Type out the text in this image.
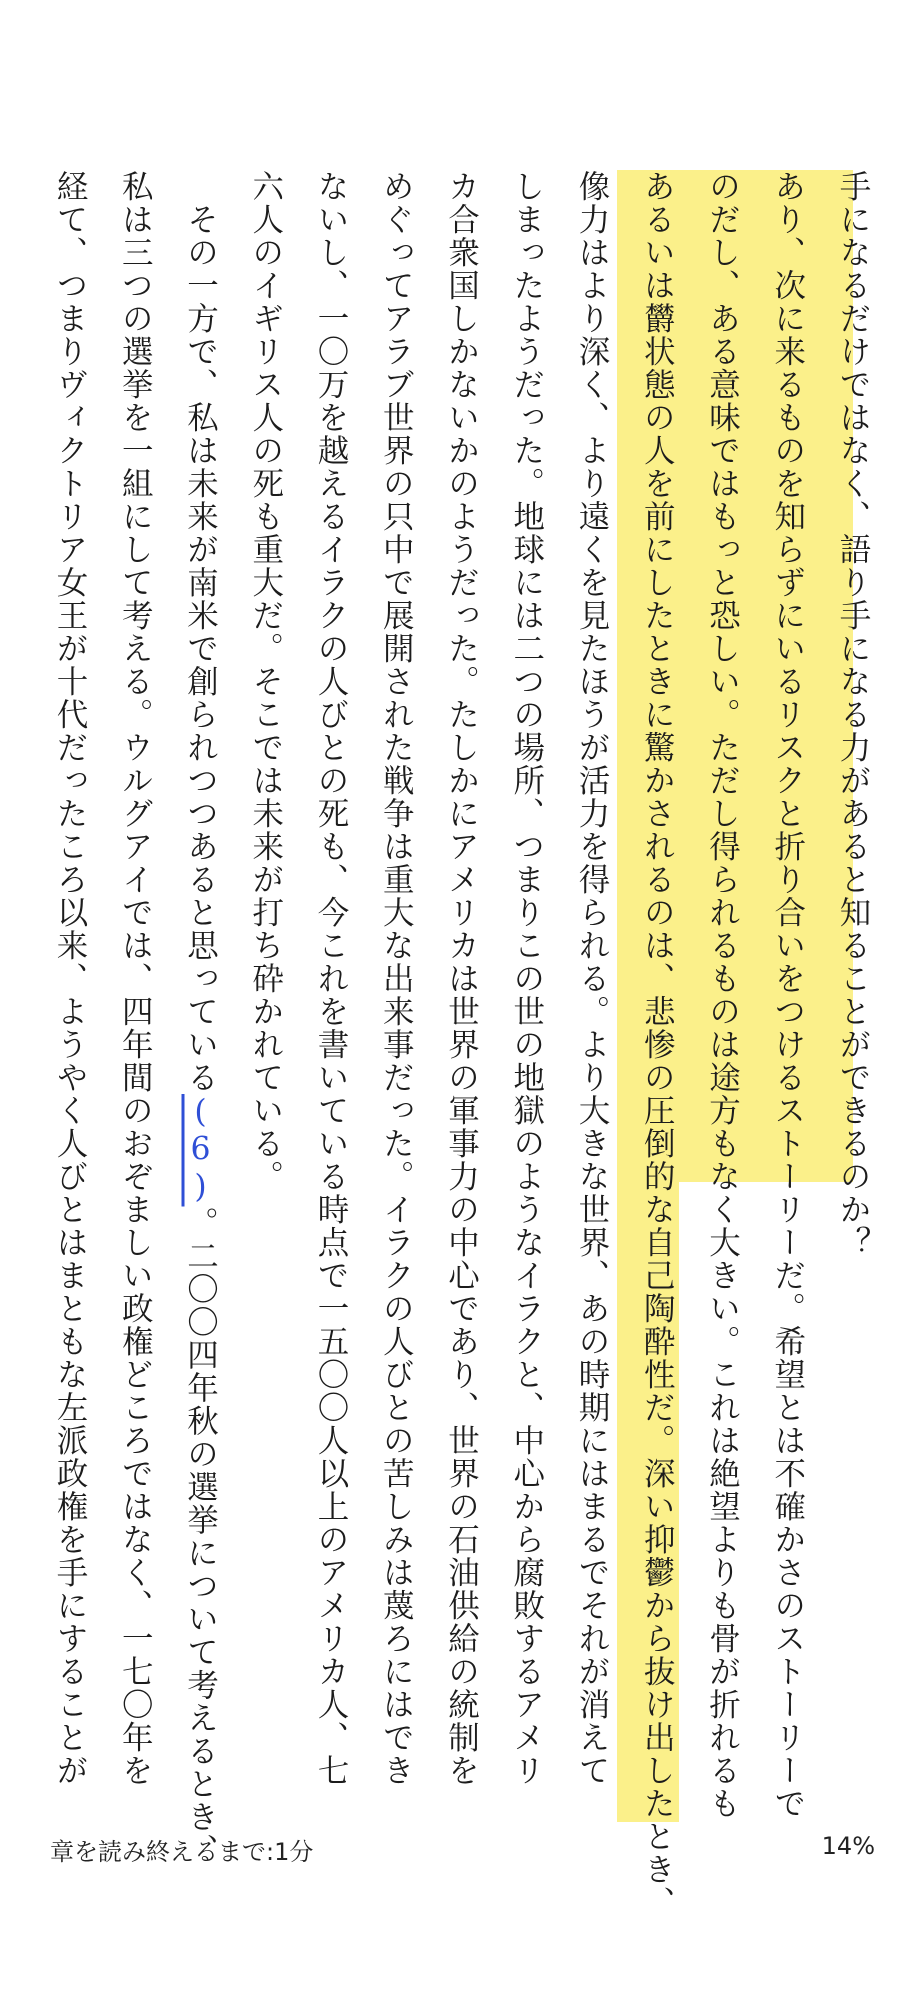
手になるだけではなく、語り手になる力があると知ることができるのか？
あり、次に来るものを知らずにいるリスクと折り合いをつけるストーリーだ。希望とは不確かさのストーリーで
のだし、ある意味ではもっと恐しい。ただし得られるものは途方もなく大きい。これは絶望よりも骨が折れるも
あるいは欝状態の人を前にしたときに驚かされるのは、悲惨の圧倒的な自己陶酔性だ。深い抑鬱から抜け出したとき、
像力はより深く、より遠くを見たほうが活力を得られる。より大きな世界、あの時期にはまるでそれが消えて
しまったようだった。地球には二つの場所、つまりこの世の地獄のようなイラクと、中心から腐敗するアメリ
カ合衆国しかないかのようだった。たしかにアメリカは世界の軍事力の中心であり、世界の石油供給の統制を
めぐってアラブ世界の只中で展開された戦争は重大な出来事だった。イラクの人びとの苦しみは蔑ろにはでき
ないし、一〇万を越えるイラクの人びとの死も、今これを書いている時点で一五〇〇人以上のアメリカ人、七
六人のイギリス人の死も重大だ。そこでは未来が打ち砕かれている。
　その一方で、私は未来が南米で創られつつあると思っている(6)。二〇〇四年秋の選挙について考えるとき、
私は三つの選挙を一組にして考える。ウルグアイでは、四年間のおぞましい政権どころではなく、一七〇年を
経て、つまりヴィクトリア女王が十代だったころ以来、ようやく人びとはまともな左派政権を手にすることが
章を読み終えるまで:1分	14%
